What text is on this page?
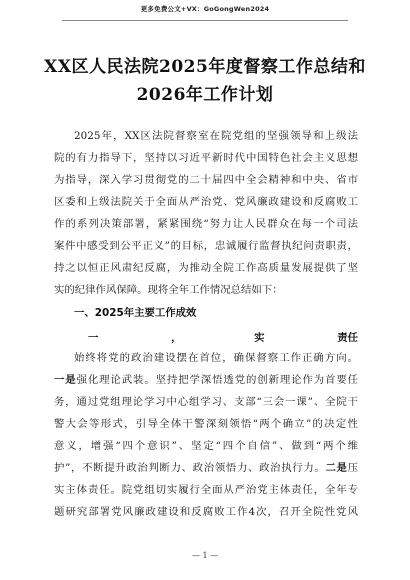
更多免费公文+VX：GoGongWen2024
XX区人民法院2025年度督察工作总结和
2026年工作计划
2025年，XX区法院督察室在院党组的坚强领导和上级法
院的有力指导下，坚持以习近平新时代中国特色社会主义思想
为指导，深入学习贯彻党的二十届四中全会精神和中央、省市
区委和上级法院关于全面从严治党、党风廉政建设和反腐败工
作的系列决策部署，紧紧围绕“努力让人民群众在每一个司法
案件中感受到公平正义”的目标，忠诚履行监督执纪问责职责，
持之以恒正风肃纪反腐，为推动全院工作高质量发展提供了坚
实的纪律作风保障。现将全年工作情况总结如下：
一、2025年主要工作成效
一	，	实	责任
始终将党的政治建设摆在首位，确保督察工作正确方向。
一是强化理论武装。坚持把学深悟透党的创新理论作为首要任
务，通过党组理论学习中心组学习、支部“三会一课”、全院干
警大会等形式，引导全体干警深刻领悟“两个确立”的决定性
意义，增强“四个意识”、坚定“四个自信”、做到“两个维
护”，不断提升政治判断力、政治领悟力、政治执行力。二是压
实主体责任。院党组切实履行全面从严治党主体责任，全年专
题研究部署党风廉政建设和反腐败工作4次，召开全院性党风
— 1 —
